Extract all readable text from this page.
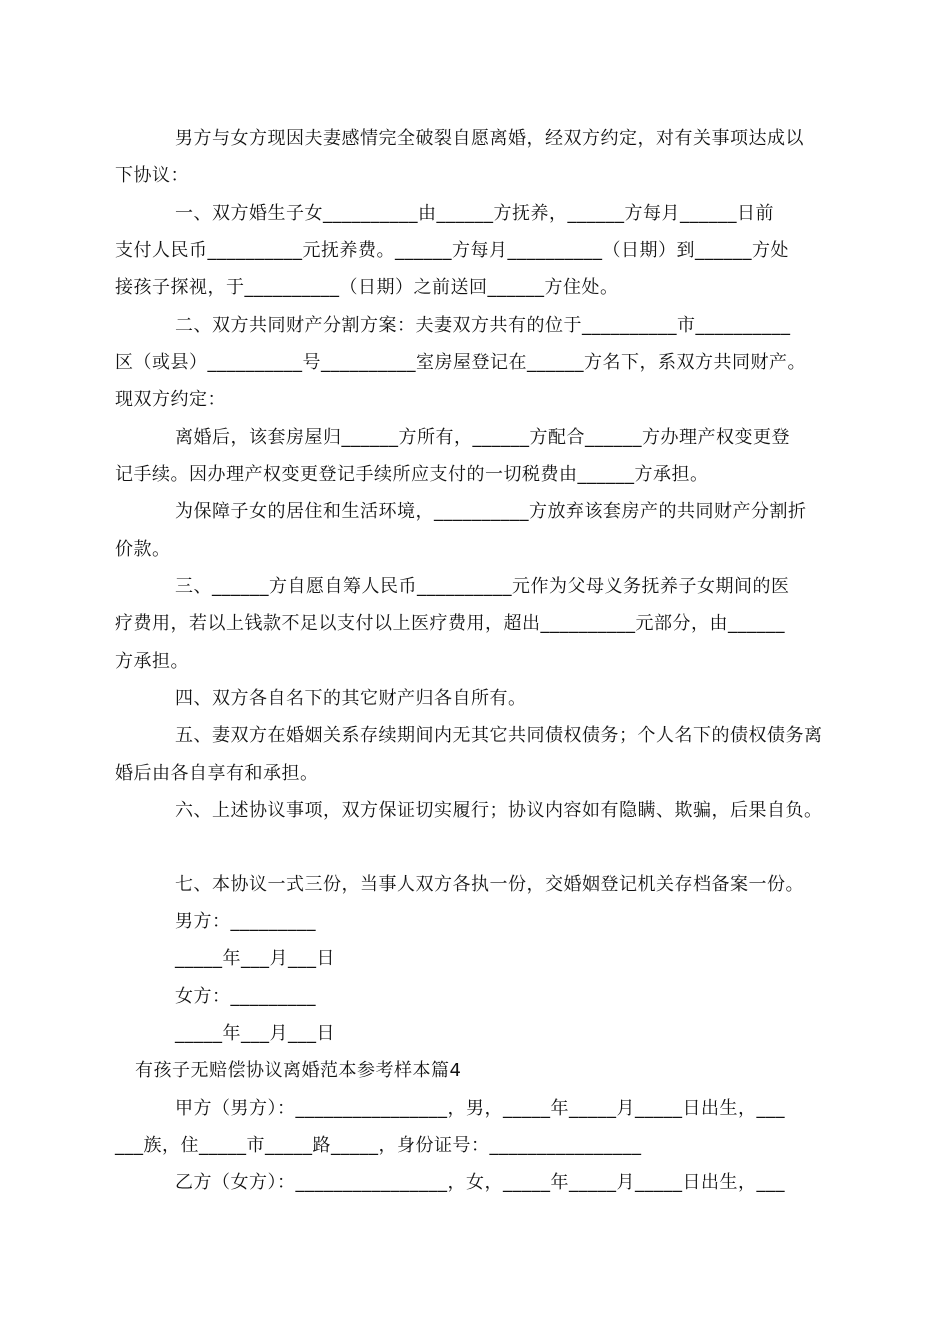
男方与女方现因夫妻感情完全破裂自愿离婚，经双方约定，对有关事项达成以
下协议：
一、双方婚生子女__________由______方抚养，______方每月______日前
支付人民币__________元抚养费。______方每月__________（日期）到______方处
接孩子探视，于__________（日期）之前送回______方住处。
二、双方共同财产分割方案：夫妻双方共有的位于__________市__________
区（或县）__________号__________室房屋登记在______方名下，系双方共同财产。
现双方约定：
离婚后，该套房屋归______方所有，______方配合______方办理产权变更登
记手续。因办理产权变更登记手续所应支付的一切税费由______方承担。
为保障子女的居住和生活环境，__________方放弃该套房产的共同财产分割折
价款。
三、______方自愿自筹人民币__________元作为父母义务抚养子女期间的医
疗费用，若以上钱款不足以支付以上医疗费用，超出__________元部分，由______
方承担。
四、双方各自名下的其它财产归各自所有。
五、妻双方在婚姻关系存续期间内无其它共同债权债务；个人名下的债权债务离
婚后由各自享有和承担。
六、上述协议事项，双方保证切实履行；协议内容如有隐瞒、欺骗，后果自负。
七、本协议一式三份，当事人双方各执一份，交婚姻登记机关存档备案一份。
男方：_________
_____年___月___日
女方：_________
_____年___月___日
有孩子无赔偿协议离婚范本参考样本篇4
甲方（男方）：________________，男，_____年_____月_____日出生，___
___族，住_____市_____路_____，身份证号：________________
乙方（女方）：________________，女，_____年_____月_____日出生，___
